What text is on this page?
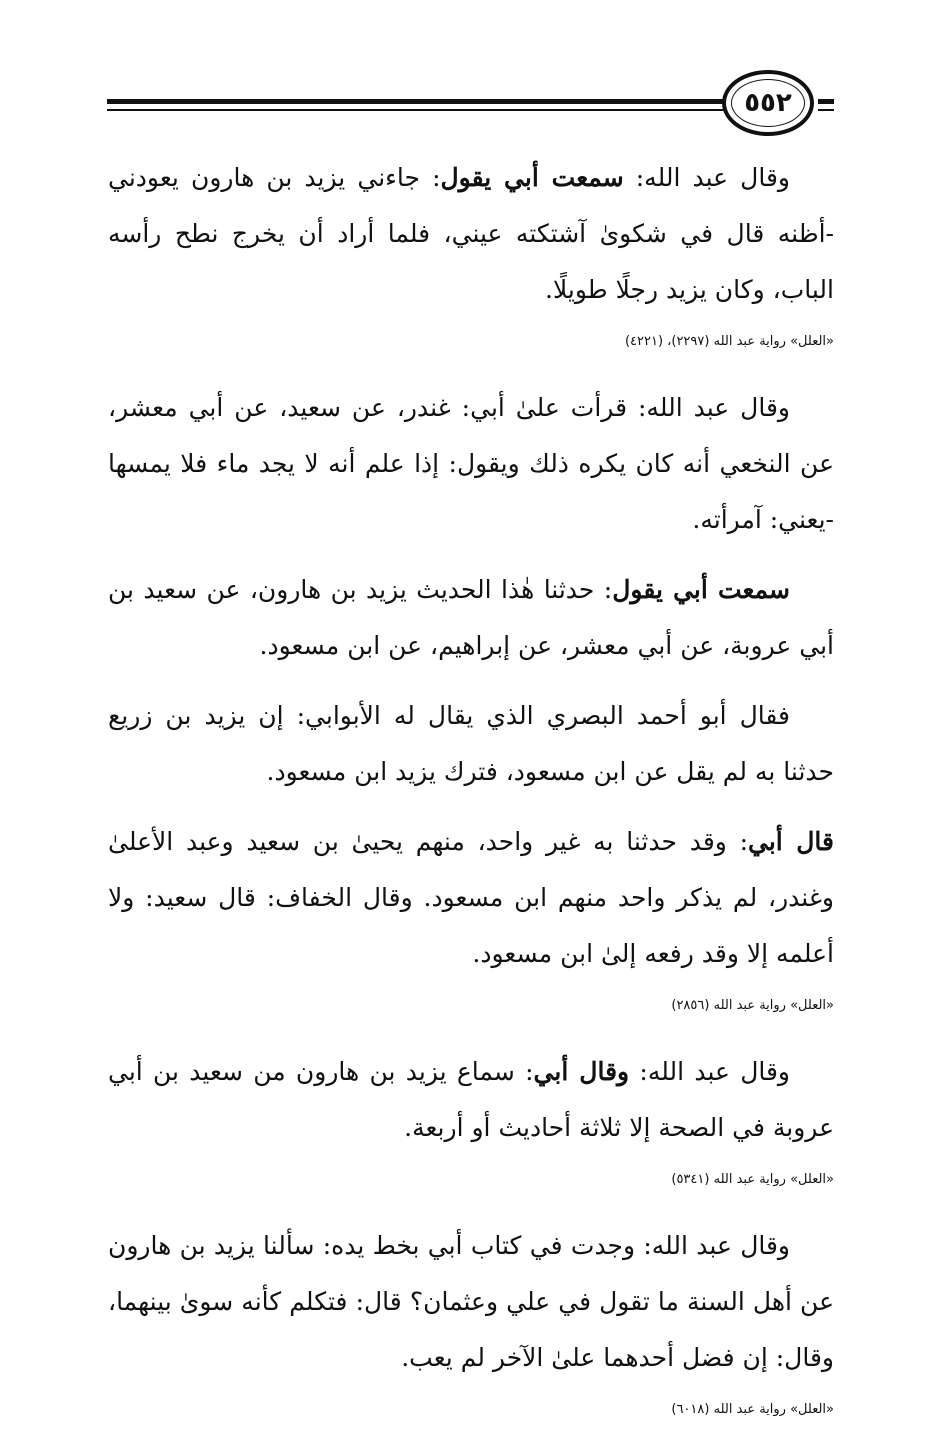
٥٥٢

وقال عبد الله: سمعت أبي يقول: جاءني يزيد بن هارون يعودني -أظنه قال في شكوىٰ آشتكته عيني، فلما أراد أن يخرج نطح رأسه الباب، وكان يزيد رجلًا طويلًا.

«العلل» رواية عبد الله (٢٢٩٧)، (٤٢٢١)

وقال عبد الله: قرأت علىٰ أبي: غندر، عن سعيد، عن أبي معشر، عن النخعي أنه كان يكره ذلك ويقول: إذا علم أنه لا يجد ماء فلا يمسها -يعني: آمرأته.

سمعت أبي يقول: حدثنا هٰذا الحديث يزيد بن هارون، عن سعيد بن أبي عروبة، عن أبي معشر، عن إبراهيم، عن ابن مسعود.

فقال أبو أحمد البصري الذي يقال له الأبوابي: إن يزيد بن زريع حدثنا به لم يقل عن ابن مسعود، فترك يزيد ابن مسعود.

قال أبي: وقد حدثنا به غير واحد، منهم يحيىٰ بن سعيد وعبد الأعلىٰ وغندر، لم يذكر واحد منهم ابن مسعود. وقال الخفاف: قال سعيد: ولا أعلمه إلا وقد رفعه إلىٰ ابن مسعود.

«العلل» رواية عبد الله (٢٨٥٦)

وقال عبد الله: وقال أبي: سماع يزيد بن هارون من سعيد بن أبي عروبة في الصحة إلا ثلاثة أحاديث أو أربعة.

«العلل» رواية عبد الله (٥٣٤١)

وقال عبد الله: وجدت في كتاب أبي بخط يده: سألنا يزيد بن هارون عن أهل السنة ما تقول في علي وعثمان؟ قال: فتكلم كأنه سوىٰ بينهما، وقال: إن فضل أحدهما علىٰ الآخر لم يعب.

«العلل» رواية عبد الله (٦٠١٨)
